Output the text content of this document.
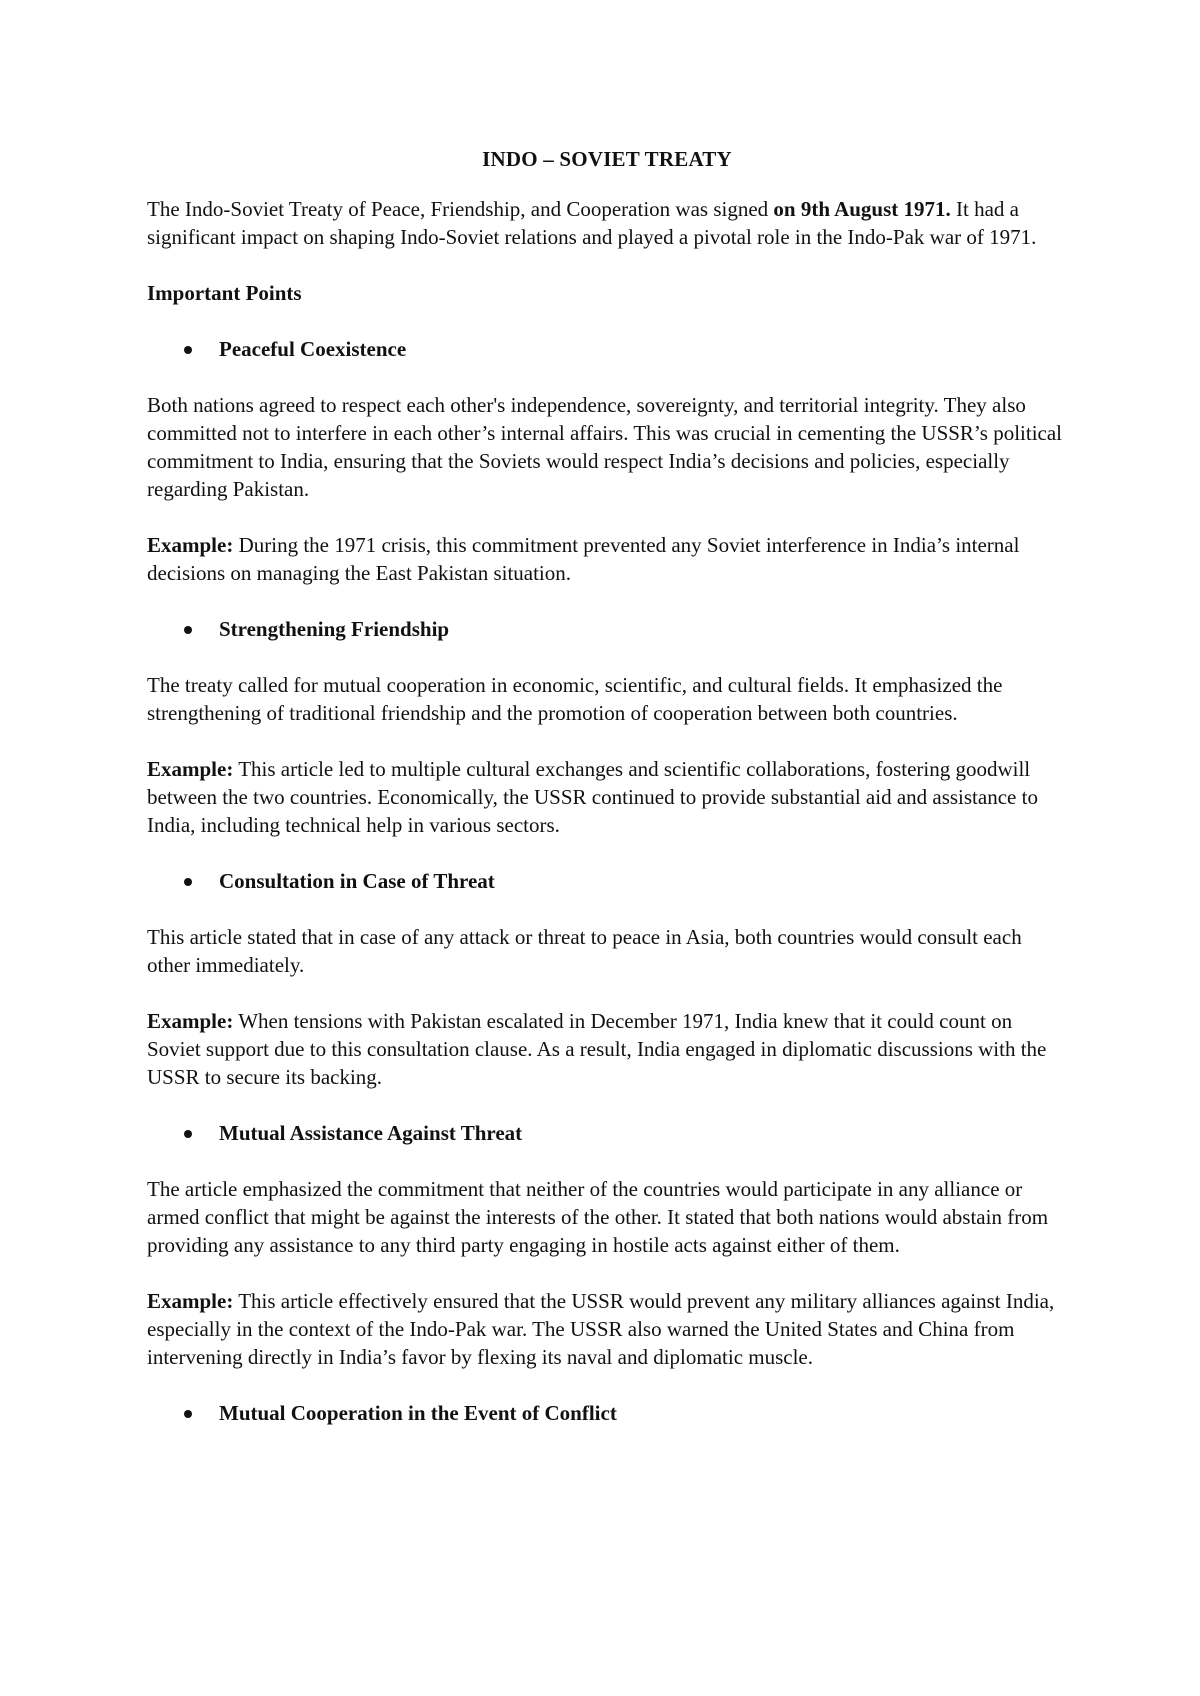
INDO – SOVIET TREATY

The Indo-Soviet Treaty of Peace, Friendship, and Cooperation was signed on 9th August 1971. It had a significant impact on shaping Indo-Soviet relations and played a pivotal role in the Indo-Pak war of 1971.

Important Points
Peaceful Coexistence

Both nations agreed to respect each other's independence, sovereignty, and territorial integrity. They also committed not to interfere in each other’s internal affairs. This was crucial in cementing the USSR’s political commitment to India, ensuring that the Soviets would respect India’s decisions and policies, especially regarding Pakistan.

Example: During the 1971 crisis, this commitment prevented any Soviet interference in India’s internal decisions on managing the East Pakistan situation.

Strengthening Friendship

The treaty called for mutual cooperation in economic, scientific, and cultural fields. It emphasized the strengthening of traditional friendship and the promotion of cooperation between both countries.

Example: This article led to multiple cultural exchanges and scientific collaborations, fostering goodwill between the two countries. Economically, the USSR continued to provide substantial aid and assistance to India, including technical help in various sectors.

Consultation in Case of Threat

This article stated that in case of any attack or threat to peace in Asia, both countries would consult each other immediately.

Example: When tensions with Pakistan escalated in December 1971, India knew that it could count on Soviet support due to this consultation clause. As a result, India engaged in diplomatic discussions with the USSR to secure its backing.

Mutual Assistance Against Threat

The article emphasized the commitment that neither of the countries would participate in any alliance or armed conflict that might be against the interests of the other. It stated that both nations would abstain from providing any assistance to any third party engaging in hostile acts against either of them.

Example: This article effectively ensured that the USSR would prevent any military alliances against India, especially in the context of the Indo-Pak war. The USSR also warned the United States and China from intervening directly in India’s favor by flexing its naval and diplomatic muscle.

Mutual Cooperation in the Event of Conflict
